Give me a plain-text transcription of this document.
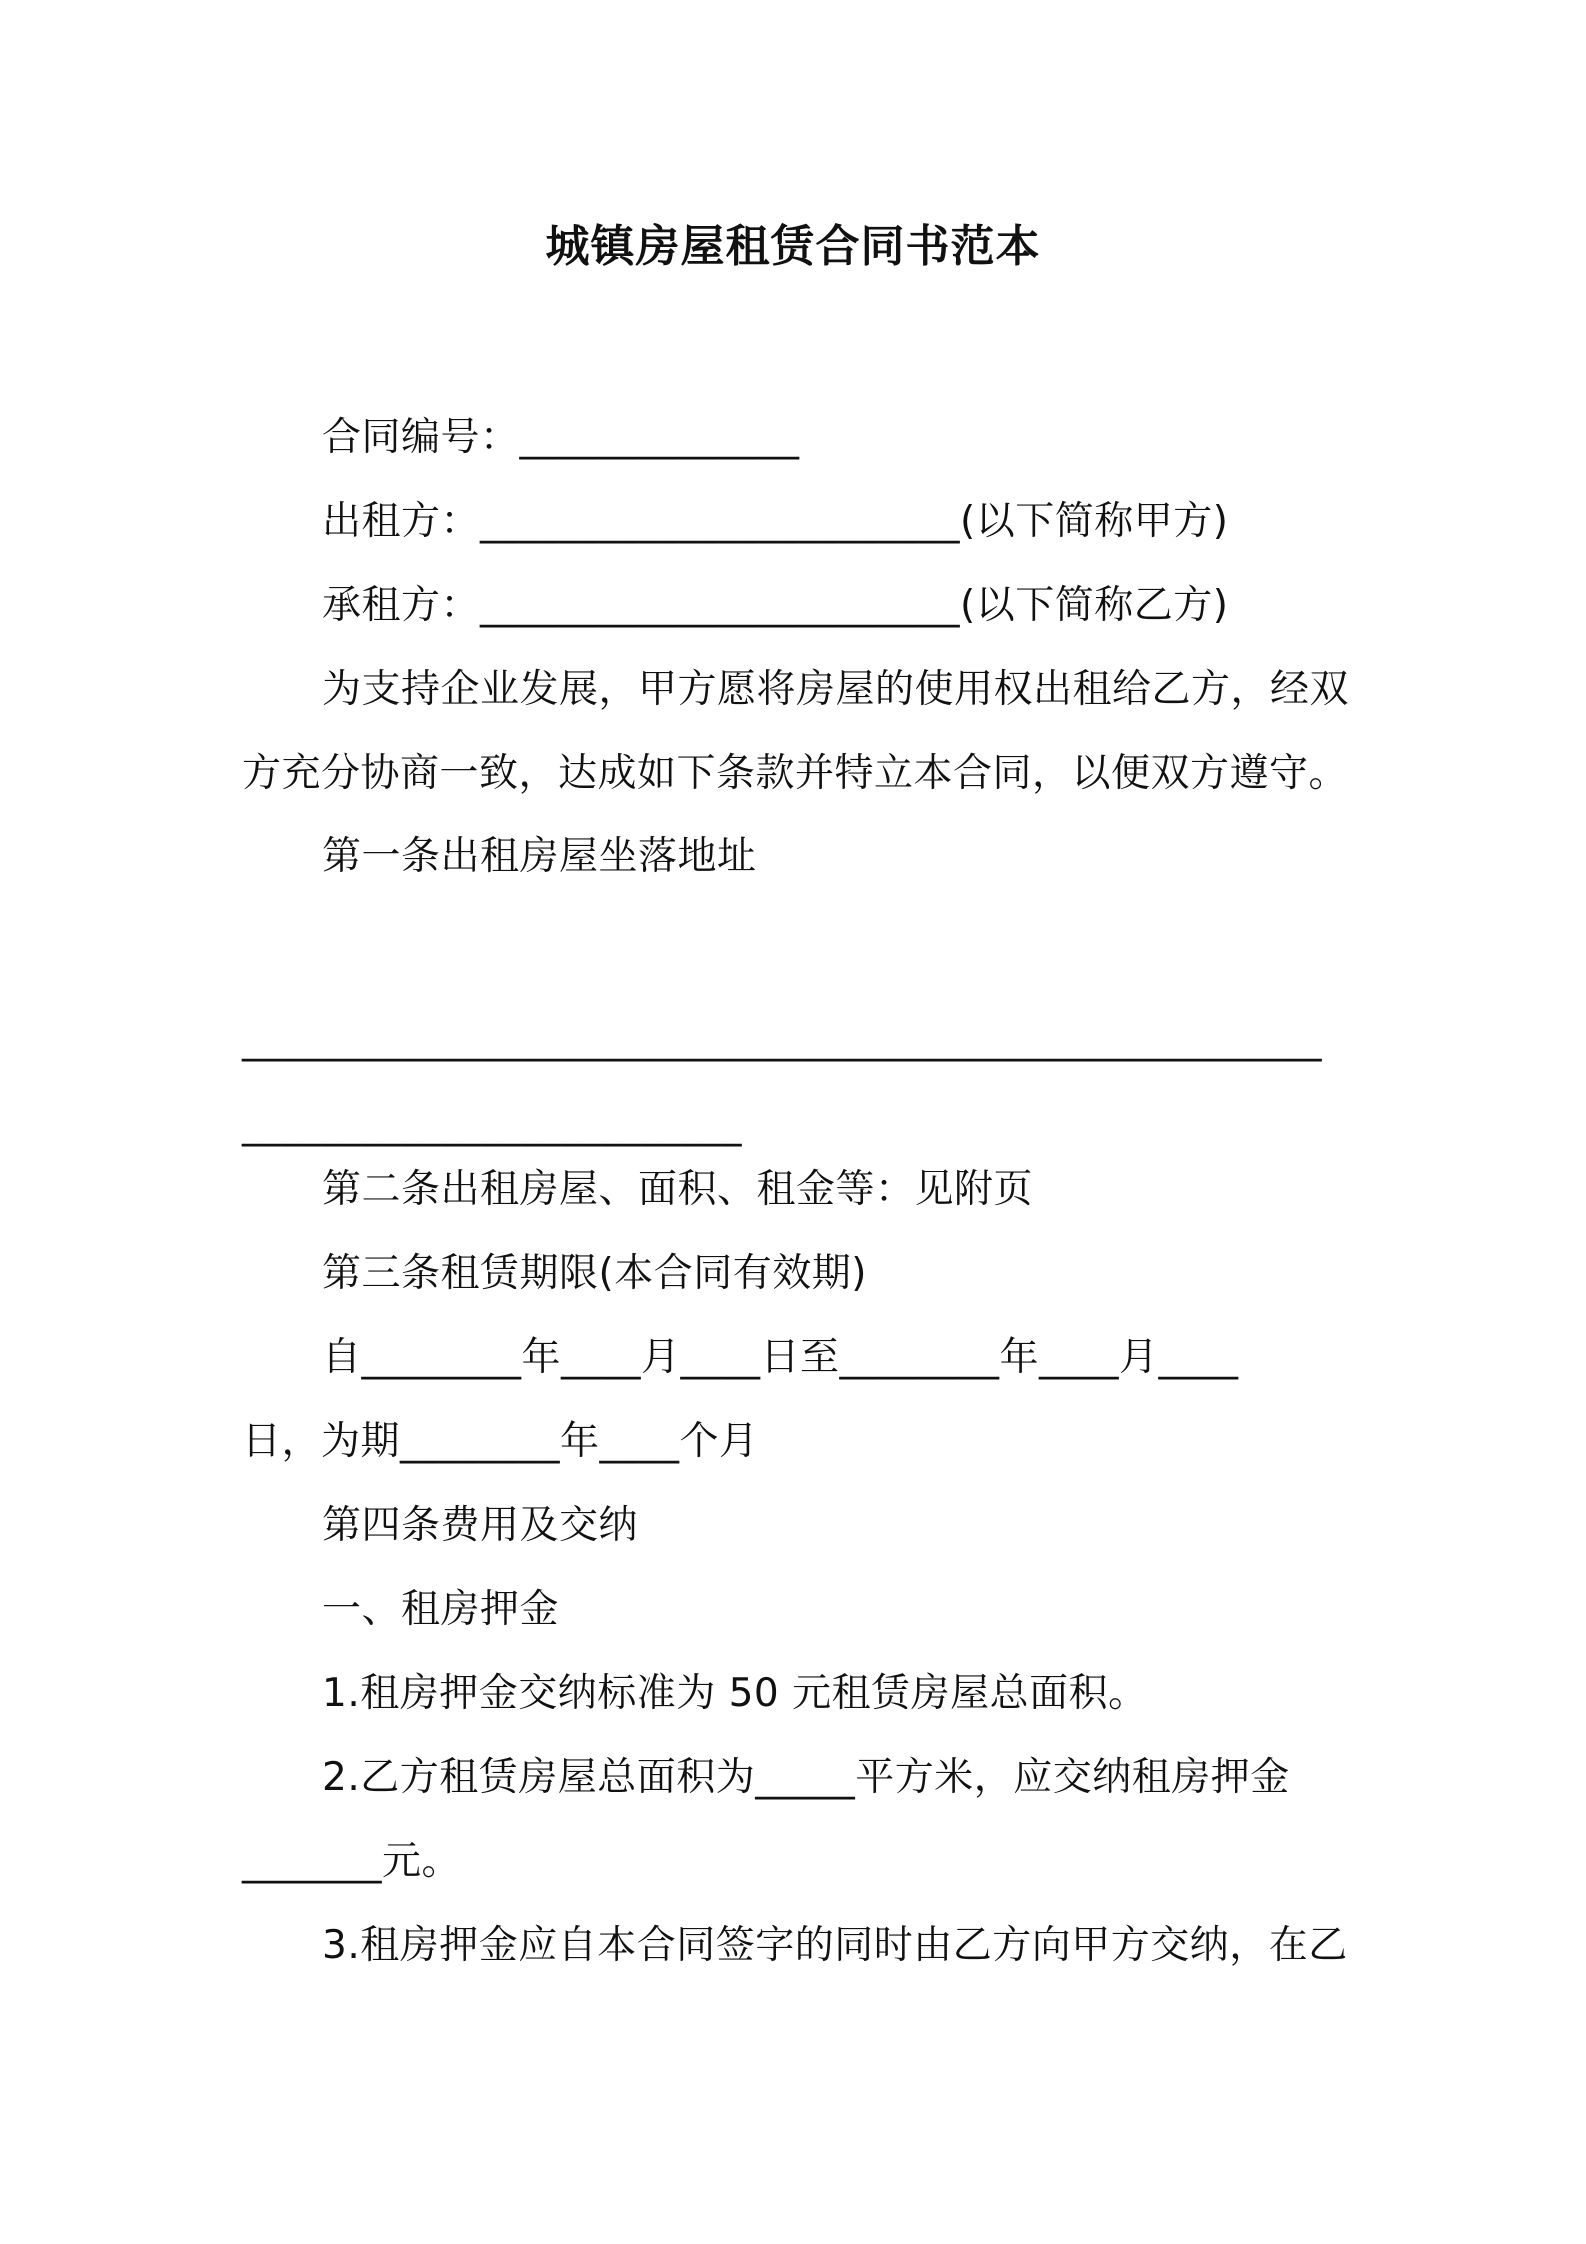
城镇房屋租赁合同书范本
合同编号：______________
出租方：________________________(以下简称甲方)
承租方：________________________(以下简称乙方)
为支持企业发展，甲方愿将房屋的使用权出租给乙方，经双
方充分协商一致，达成如下条款并特立本合同，以便双方遵守。
第一条出租房屋坐落地址
______________________________________________________
_________________________
第二条出租房屋、面积、租金等：见附页
第三条租赁期限(本合同有效期)
自________年____月____日至________年____月____
日，为期________年____个月
第四条费用及交纳
一、租房押金
1.租房押金交纳标准为 50 元租赁房屋总面积。
2.乙方租赁房屋总面积为_____平方米，应交纳租房押金
_______元。
3.租房押金应自本合同签字的同时由乙方向甲方交纳，在乙
